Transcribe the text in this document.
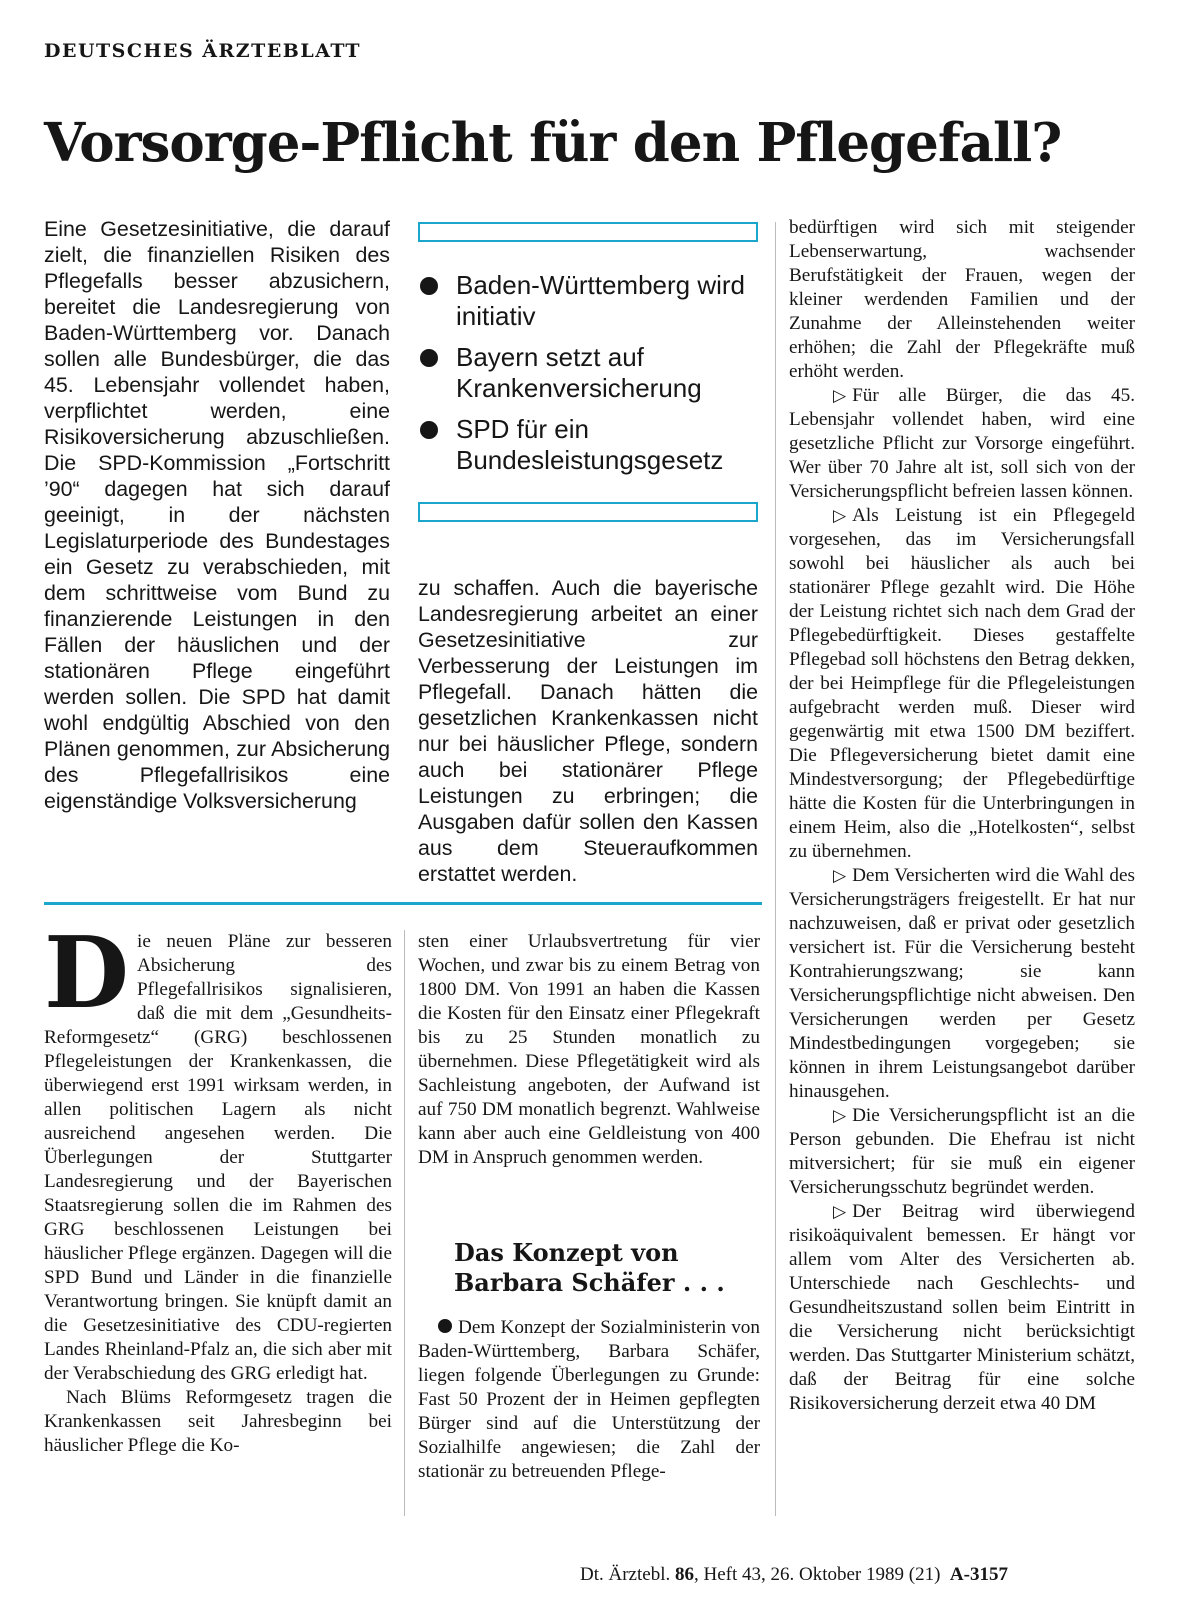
DEUTSCHES ÄRZTEBLATT
Vorsorge-Pflicht für den Pflegefall?
Eine Gesetzesinitiative, die darauf zielt, die finanziellen Risiken des Pflegefalls besser abzusichern, bereitet die Landesregierung von Baden-Württemberg vor. Danach sollen alle Bundesbürger, die das 45. Lebensjahr vollendet haben, verpflichtet werden, eine Risikoversicherung abzuschließen. Die SPD-Kommission „Fortschritt ’90“ dagegen hat sich darauf geeinigt, in der nächsten Legislaturperiode des Bundestages ein Gesetz zu verabschieden, mit dem schrittweise vom Bund zu finanzierende Leistungen in den Fällen der häuslichen und der stationären Pflege eingeführt werden sollen. Die SPD hat damit wohl endgültig Abschied von den Plänen genommen, zur Absicherung des Pflegefallrisikos eine eigenständige Volksversicherung
Baden-Württemberg wird initiativ
Bayern setzt auf Krankenversicherung
SPD für ein Bundesleistungsgesetz
zu schaffen. Auch die bayerische Landesregierung arbeitet an einer Gesetzesinitiative zur Verbesserung der Leistungen im Pflegefall. Danach hätten die gesetzlichen Krankenkassen nicht nur bei häuslicher Pflege, sondern auch bei stationärer Pflege Leistungen zu erbringen; die Ausgaben dafür sollen den Kassen aus dem Steueraufkommen erstattet werden.

Die neuen Pläne zur besseren Absicherung des Pflegefallrisikos signalisieren, daß die mit dem „Gesundheits-Reformgesetz“ (GRG) beschlossenen Pflegeleistungen der Krankenkassen, die überwiegend erst 1991 wirksam werden, in allen politischen Lagern als nicht ausreichend angesehen werden. Die Überlegungen der Stuttgarter Landesregierung und der Bayerischen Staatsregierung sollen die im Rahmen des GRG beschlossenen Leistungen bei häuslicher Pflege ergänzen. Dagegen will die SPD Bund und Länder in die finanzielle Verantwortung bringen. Sie knüpft damit an die Gesetzesinitiative des CDU-regierten Landes Rheinland-Pfalz an, die sich aber mit der Verabschiedung des GRG erledigt hat.

Nach Blüms Reformgesetz tragen die Krankenkassen seit Jahresbeginn bei häuslicher Pflege die Ko-

sten einer Urlaubsvertretung für vier Wochen, und zwar bis zu einem Betrag von 1800 DM. Von 1991 an haben die Kassen die Kosten für den Einsatz einer Pflegekraft bis zu 25 Stunden monatlich zu übernehmen. Diese Pflegetätigkeit wird als Sachleistung angeboten, der Aufwand ist auf 750 DM monatlich begrenzt. Wahlweise kann aber auch eine Geldleistung von 400 DM in Anspruch genommen werden.

Das Konzept von Barbara Schäfer . . .

Dem Konzept der Sozialministerin von Baden-Württemberg, Barbara Schäfer, liegen folgende Überlegungen zu Grunde: Fast 50 Prozent der in Heimen gepflegten Bürger sind auf die Unterstützung der Sozialhilfe angewiesen; die Zahl der stationär zu betreuenden Pflege-

bedürftigen wird sich mit steigender Lebenserwartung, wachsender Berufstätigkeit der Frauen, wegen der kleiner werdenden Familien und der Zunahme der Alleinstehenden weiter erhöhen; die Zahl der Pflegekräfte muß erhöht werden.

▷ Für alle Bürger, die das 45. Lebensjahr vollendet haben, wird eine gesetzliche Pflicht zur Vorsorge eingeführt. Wer über 70 Jahre alt ist, soll sich von der Versicherungspflicht befreien lassen können.

▷ Als Leistung ist ein Pflegegeld vorgesehen, das im Versicherungsfall sowohl bei häuslicher als auch bei stationärer Pflege gezahlt wird. Die Höhe der Leistung richtet sich nach dem Grad der Pflegebedürftigkeit. Dieses gestaffelte Pflegebad soll höchstens den Betrag dekken, der bei Heimpflege für die Pflegeleistungen aufgebracht werden muß. Dieser wird gegenwärtig mit etwa 1500 DM beziffert. Die Pflegeversicherung bietet damit eine Mindestversorgung; der Pflegebedürftige hätte die Kosten für die Unterbringungen in einem Heim, also die „Hotelkosten“, selbst zu übernehmen.

▷ Dem Versicherten wird die Wahl des Versicherungsträgers freigestellt. Er hat nur nachzuweisen, daß er privat oder gesetzlich versichert ist. Für die Versicherung besteht Kontrahierungszwang; sie kann Versicherungspflichtige nicht abweisen. Den Versicherungen werden per Gesetz Mindestbedingungen vorgegeben; sie können in ihrem Leistungsangebot darüber hinausgehen.

▷ Die Versicherungspflicht ist an die Person gebunden. Die Ehefrau ist nicht mitversichert; für sie muß ein eigener Versicherungsschutz begründet werden.

▷ Der Beitrag wird überwiegend risikoäquivalent bemessen. Er hängt vor allem vom Alter des Versicherten ab. Unterschiede nach Geschlechts- und Gesundheitszustand sollen beim Eintritt in die Versicherung nicht berücksichtigt werden. Das Stuttgarter Ministerium schätzt, daß der Beitrag für eine solche Risikoversicherung derzeit etwa 40 DM

Dt. Ärztebl. 86, Heft 43, 26. Oktober 1989 (21) A-3157
